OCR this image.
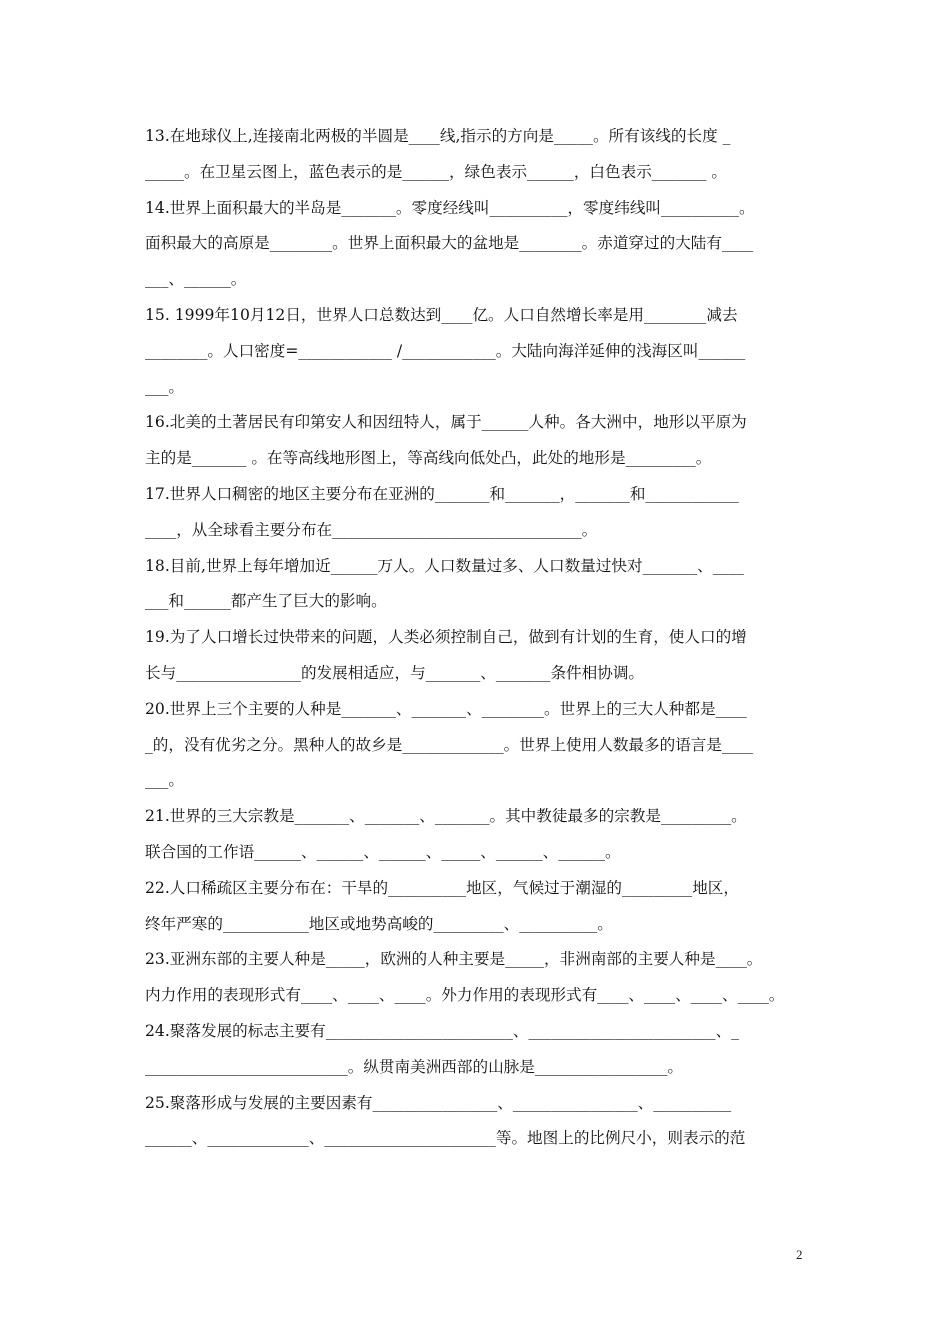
13.在地球仪上,连接南北两极的半圆是____线,指示的方向是_____。所有该线的长度 _
_____。在卫星云图上，蓝色表示的是______，绿色表示______，白色表示_______ 。
14.世界上面积最大的半岛是_______。零度经线叫__________，零度纬线叫__________。
面积最大的高原是________。世界上面积最大的盆地是________。赤道穿过的大陆有____
___、______。
15. 1999年10月12日，世界人口总数达到____亿。人口自然增长率是用________减去
________。人口密度=____________ /____________。大陆向海洋延伸的浅海区叫______
___。
16.北美的土著居民有印第安人和因纽特人，属于______人种。各大洲中，地形以平原为
主的是_______ 。在等高线地形图上，等高线向低处凸，此处的地形是_________。
17.世界人口稠密的地区主要分布在亚洲的_______和_______，_______和____________
____，从全球看主要分布在________________________________。
18.目前,世界上每年增加近______万人。人口数量过多、人口数量过快对_______、____
___和______都产生了巨大的影响。
19.为了人口增长过快带来的问题，人类必须控制自己，做到有计划的生育，使人口的增
长与________________的发展相适应，与_______、_______条件相协调。
20.世界上三个主要的人种是_______、_______、________。世界上的三大人种都是____
_的，没有优劣之分。黑种人的故乡是_____________。世界上使用人数最多的语言是____
___。
21.世界的三大宗教是_______、_______、_______。其中教徒最多的宗教是_________。
联合国的工作语______、______、______、_____、______、______。
22.人口稀疏区主要分布在：干旱的__________地区，气候过于潮湿的_________地区，
终年严寒的___________地区或地势高峻的_________、__________。
23.亚洲东部的主要人种是_____，欧洲的人种主要是_____，非洲南部的主要人种是____。
内力作用的表现形式有____、____、____。外力作用的表现形式有____、____、____、____。
24.聚落发展的标志主要有________________________、________________________、_
__________________________。纵贯南美洲西部的山脉是_________________。
25.聚落形成与发展的主要因素有________________、________________、__________
______、_____________、______________________等。地图上的比例尺小，则表示的范
2
